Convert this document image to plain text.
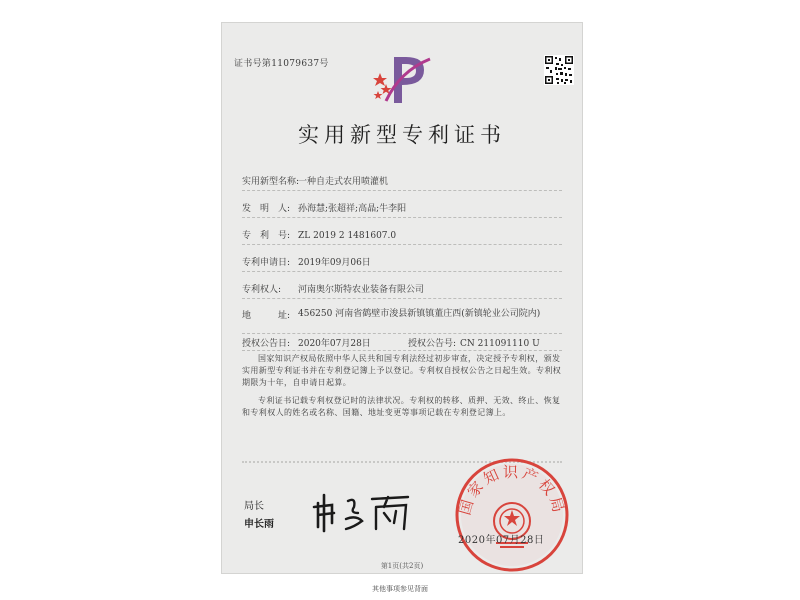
证书号第11079637号
实用新型专利证书
实用新型名称:一种自走式农用喷灌机
发　明　人: 孙海慧;张超祥;高晶;牛李阳
专　利　号: ZL 2019 2 1481607.0
专利申请日: 2019年09月06日
专利权人: 河南奥尔斯特农业装备有限公司
地　　　址: 456250 河南省鹤壁市浚县新镇镇董庄西(新镇轮业公司院内)
授权公告日: 2020年07月28日	授权公告号: CN 211091110 U
国家知识产权局依照中华人民共和国专利法经过初步审查，决定授予专利权，颁发实用新型专利证书并在专利登记簿上予以登记。专利权自授权公告之日起生效。专利权期限为十年，自申请日起算。
专利证书记载专利权登记时的法律状况。专利权的转移、质押、无效、终止、恢复和专利权人的姓名或名称、国籍、地址变更等事项记载在专利登记簿上。
局长
申长雨
国家知识产权局
2020年07月28日
第1页(共2页)
其他事项参见背面
